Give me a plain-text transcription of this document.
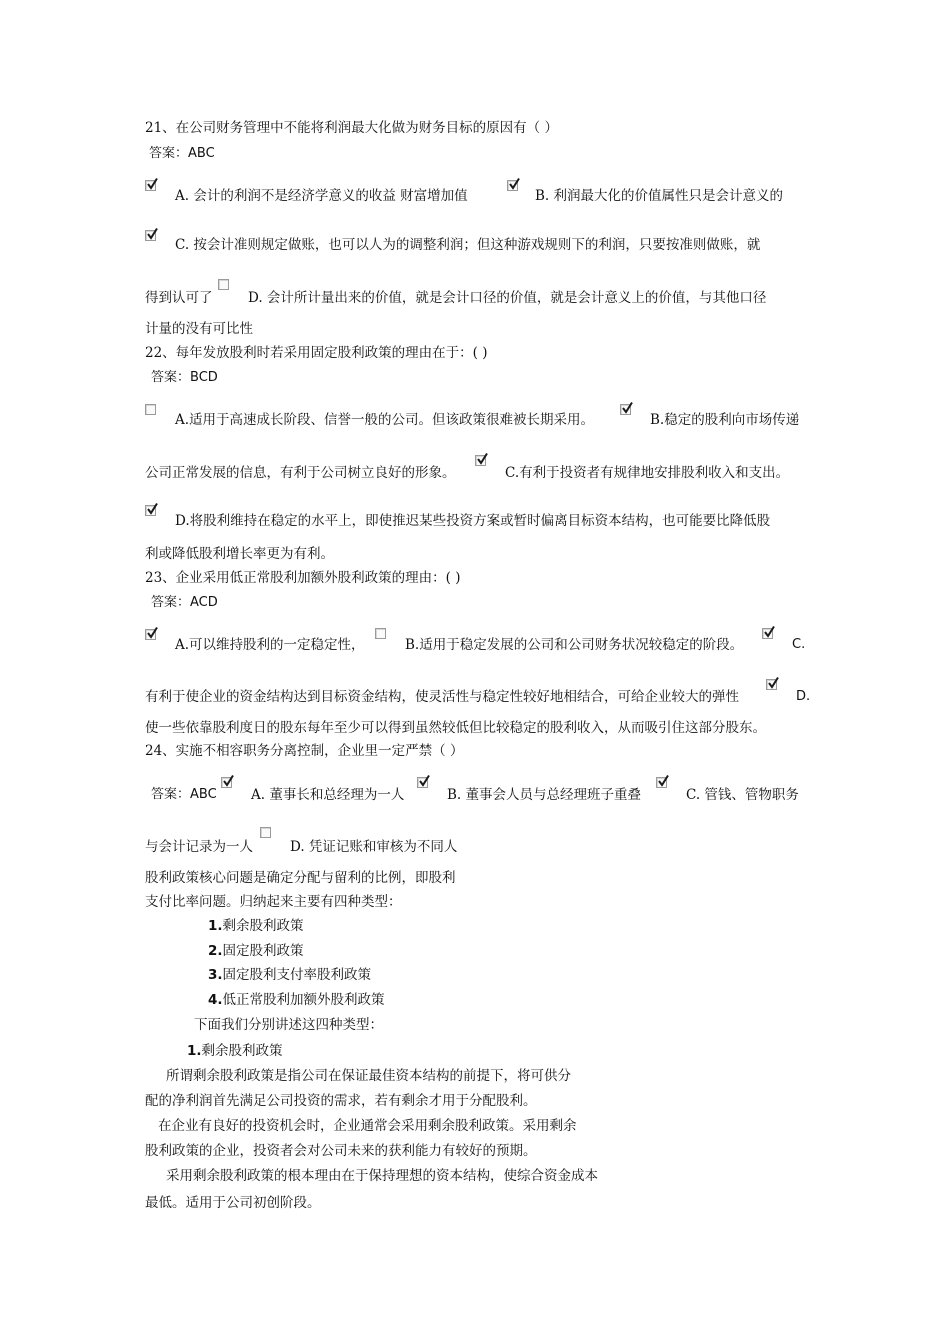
21、在公司财务管理中不能将利润最大化做为财务目标的原因有（ ）
答案：ABC
A. 会计的利润不是经济学意义的收益 财富增加值	B. 利润最大化的价值属性只是会计意义的
C. 按会计准则规定做账，也可以人为的调整利润；但这种游戏规则下的利润，只要按准则做账，就
得到认可了	D. 会计所计量出来的价值，就是会计口径的价值，就是会计意义上的价值，与其他口径
计量的没有可比性
22、每年发放股利时若采用固定股利政策的理由在于：( )
答案：BCD
A.适用于高速成长阶段、信誉一般的公司。但该政策很难被长期采用。	B.稳定的股利向市场传递
公司正常发展的信息，有利于公司树立良好的形象。	C.有利于投资者有规律地安排股利收入和支出。
D.将股利维持在稳定的水平上，即使推迟某些投资方案或暂时偏离目标资本结构，也可能要比降低股
利或降低股利增长率更为有利。
23、企业采用低正常股利加额外股利政策的理由：( )
答案：ACD
A.可以维持股利的一定稳定性，	B.适用于稳定发展的公司和公司财务状况较稳定的阶段。	C.
有利于使企业的资金结构达到目标资金结构，使灵活性与稳定性较好地相结合，可给企业较大的弹性	D.
使一些依靠股利度日的股东每年至少可以得到虽然较低但比较稳定的股利收入，从而吸引住这部分股东。
24、实施不相容职务分离控制，企业里一定严禁（ ）
答案：ABC	A. 董事长和总经理为一人	B. 董事会人员与总经理班子重叠	C. 管钱、管物职务
与会计记录为一人	D. 凭证记账和审核为不同人
股利政策核心问题是确定分配与留利的比例，即股利
支付比率问题。归纳起来主要有四种类型：
1.剩余股利政策
2.固定股利政策
3.固定股利支付率股利政策
4.低正常股利加额外股利政策
下面我们分别讲述这四种类型：
1.剩余股利政策
所谓剩余股利政策是指公司在保证最佳资本结构的前提下，将可供分
配的净利润首先满足公司投资的需求，若有剩余才用于分配股利。
在企业有良好的投资机会时，企业通常会采用剩余股利政策。采用剩余
股利政策的企业，投资者会对公司未来的获利能力有较好的预期。
采用剩余股利政策的根本理由在于保持理想的资本结构，使综合资金成本
最低。适用于公司初创阶段。
